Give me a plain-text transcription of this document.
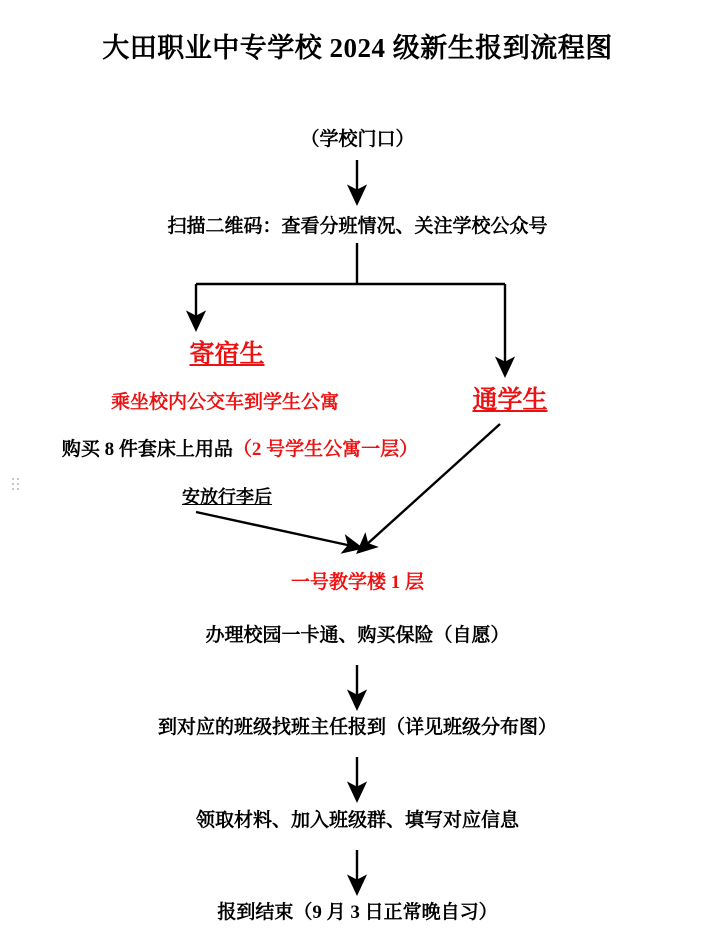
大田职业中专学校 2024 级新生报到流程图
（学校门口）
扫描二维码：查看分班情况、关注学校公众号
寄宿生
乘坐校内公交车到学生公寓
购买 8 件套床上用品（2 号学生公寓一层）
安放行李后
通学生
一号教学楼 1 层
办理校园一卡通、购买保险（自愿）
到对应的班级找班主任报到（详见班级分布图）
领取材料、加入班级群、填写对应信息
报到结束（9 月 3 日正常晚自习）
